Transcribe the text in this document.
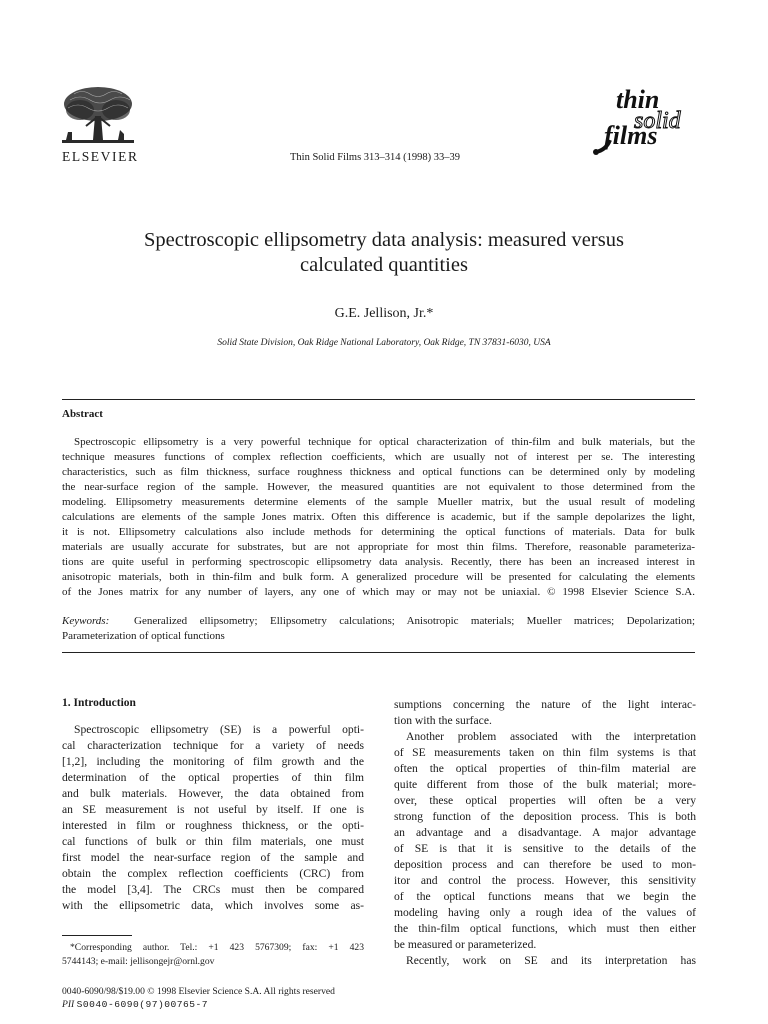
ELSEVIER	Thin Solid Films 313–314 (1998) 33–39
thin
solid
films
Spectroscopic ellipsometry data analysis: measured versus
calculated quantities
G.E. Jellison, Jr.*
Solid State Division, Oak Ridge National Laboratory, Oak Ridge, TN 37831-6030, USA
Abstract
Spectroscopic ellipsometry is a very powerful technique for optical characterization of thin-film and bulk materials, but the
technique measures functions of complex reflection coefficients, which are usually not of interest per se. The interesting
characteristics, such as film thickness, surface roughness thickness and optical functions can be determined only by modeling
the near-surface region of the sample. However, the measured quantities are not equivalent to those determined from the
modeling. Ellipsometry measurements determine elements of the sample Mueller matrix, but the usual result of modeling
calculations are elements of the sample Jones matrix. Often this difference is academic, but if the sample depolarizes the light,
it is not. Ellipsometry calculations also include methods for determining the optical functions of materials. Data for bulk
materials are usually accurate for substrates, but are not appropriate for most thin films. Therefore, reasonable parameteriza-
tions are quite useful in performing spectroscopic ellipsometry data analysis. Recently, there has been an increased interest in
anisotropic materials, both in thin-film and bulk form. A generalized procedure will be presented for calculating the elements
of the Jones matrix for any number of layers, any one of which may or may not be uniaxial. © 1998 Elsevier Science S.A.
Keywords: Generalized ellipsometry; Ellipsometry calculations; Anisotropic materials; Mueller matrices; Depolarization;
Parameterization of optical functions
1. Introduction
Spectroscopic ellipsometry (SE) is a powerful opti-
cal characterization technique for a variety of needs
[1,2], including the monitoring of film growth and the
determination of the optical properties of thin film
and bulk materials. However, the data obtained from
an SE measurement is not useful by itself. If one is
interested in film or roughness thickness, or the opti-
cal functions of bulk or thin film materials, one must
first model the near-surface region of the sample and
obtain the complex reflection coefficients (CRC) from
the model [3,4]. The CRCs must then be compared
with the ellipsometric data, which involves some as-
sumptions concerning the nature of the light interac-
tion with the surface.
Another problem associated with the interpretation
of SE measurements taken on thin film systems is that
often the optical properties of thin-film material are
quite different from those of the bulk material; more-
over, these optical properties will often be a very
strong function of the deposition process. This is both
an advantage and a disadvantage. A major advantage
of SE is that it is sensitive to the details of the
deposition process and can therefore be used to mon-
itor and control the process. However, this sensitivity
of the optical functions means that we begin the
modeling having only a rough idea of the values of
the thin-film optical functions, which must then either
be measured or parameterized.
Recently, work on SE and its interpretation has
*Corresponding author. Tel.: +1 423 5767309; fax: +1 423
5744143; e-mail: jellisongejr@ornl.gov
0040-6090/98/$19.00 © 1998 Elsevier Science S.A. All rights reserved
PII S0040-6090(97)00765-7
